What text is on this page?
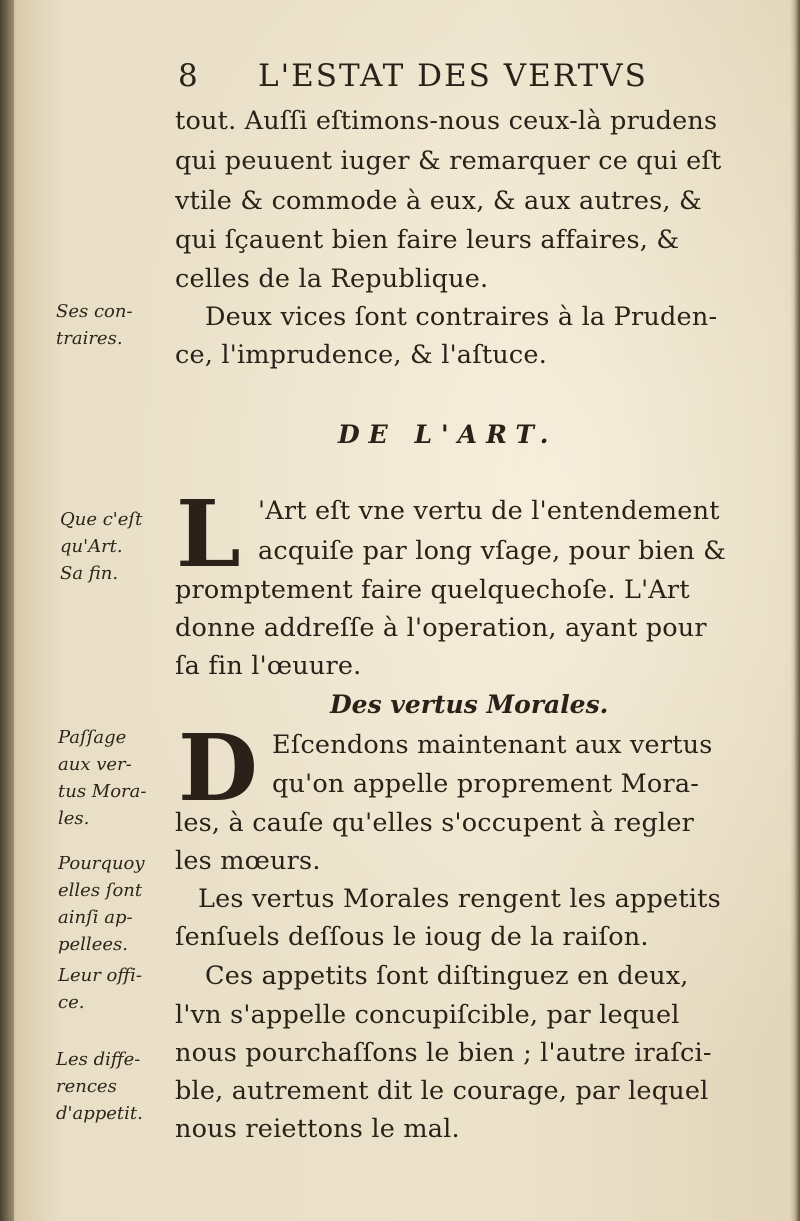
8 L'ESTAT DES VERTVS
tout. Auſſi eſtimons-nous ceux-là prudens
qui peuuent iuger & remarquer ce qui eſt
vtile & commode à eux, & aux autres, &
qui ſçauent bien faire leurs affaires, &
celles de la Republique.
Deux vices ſont contraires à la Pruden-
ce, l'imprudence, & l'aſtuce.
DE L'ART.
L 'Art eſt vne vertu de l'entendement
acquiſe par long vſage, pour bien &
promptement faire quelquechoſe. L'Art
donne addreſſe à l'operation, ayant pour
ſa fin l'œuure.
Des vertus Morales.
D Eſcendons maintenant aux vertus
qu'on appelle proprement Mora-
les, à cauſe qu'elles s'occupent à regler
les mœurs.
Les vertus Morales rengent les appetits
ſenſuels deſſous le ioug de la raiſon.
Ces appetits ſont diſtinguez en deux,
l'vn s'appelle concupiſcible, par lequel
nous pourchaſſons le bien ; l'autre iraſci-
ble, autrement dit le courage, par lequel
nous reiettons le mal.
Ses con-
traires.
Que c'eſt
qu'Art.
Sa fin.
Paſſage
aux ver-
tus Mora-
les.
Pourquoy
elles ſont
ainſi ap-
pellees.
Leur offi-
ce.
Les diffe-
rences
d'appetit.
